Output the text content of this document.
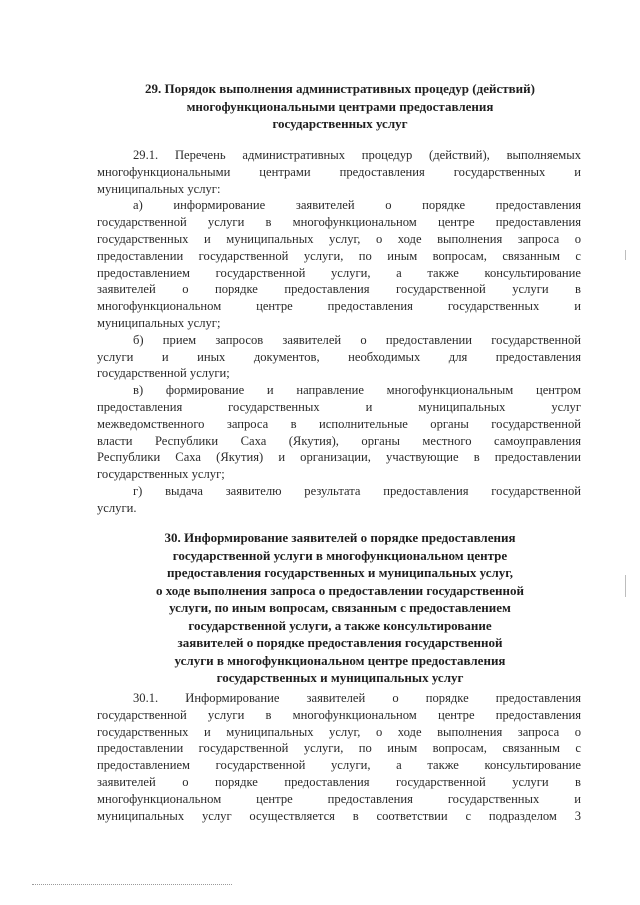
29. Порядок выполнения административных процедур (действий)
многофункциональными центрами предоставления
государственных услуг
29.1. Перечень административных процедур (действий), выполняемых
многофункциональными центрами предоставления государственных и
муниципальных услуг:
а) информирование заявителей о порядке предоставления
государственной услуги в многофункциональном центре предоставления
государственных и муниципальных услуг, о ходе выполнения запроса о
предоставлении государственной услуги, по иным вопросам, связанным с
предоставлением государственной услуги, а также консультирование
заявителей о порядке предоставления государственной услуги в
многофункциональном центре предоставления государственных и
муниципальных услуг;
б) прием запросов заявителей о предоставлении государственной
услуги и иных документов, необходимых для предоставления
государственной услуги;
в) формирование и направление многофункциональным центром
предоставления государственных и муниципальных услуг
межведомственного запроса в исполнительные органы государственной
власти Республики Саха (Якутия), органы местного самоуправления
Республики Саха (Якутия) и организации, участвующие в предоставлении
государственных услуг;
г) выдача заявителю результата предоставления государственной
услуги.
30. Информирование заявителей о порядке предоставления
государственной услуги в многофункциональном центре
предоставления государственных и муниципальных услуг,
о ходе выполнения запроса о предоставлении государственной
услуги, по иным вопросам, связанным с предоставлением
государственной услуги, а также консультирование
заявителей о порядке предоставления государственной
услуги в многофункциональном центре предоставления
государственных и муниципальных услуг
30.1. Информирование заявителей о порядке предоставления
государственной услуги в многофункциональном центре предоставления
государственных и муниципальных услуг, о ходе выполнения запроса о
предоставлении государственной услуги, по иным вопросам, связанным с
предоставлением государственной услуги, а также консультирование
заявителей о порядке предоставления государственной услуги в
многофункциональном центре предоставления государственных и
муниципальных услуг осуществляется в соответствии с подразделом 3
